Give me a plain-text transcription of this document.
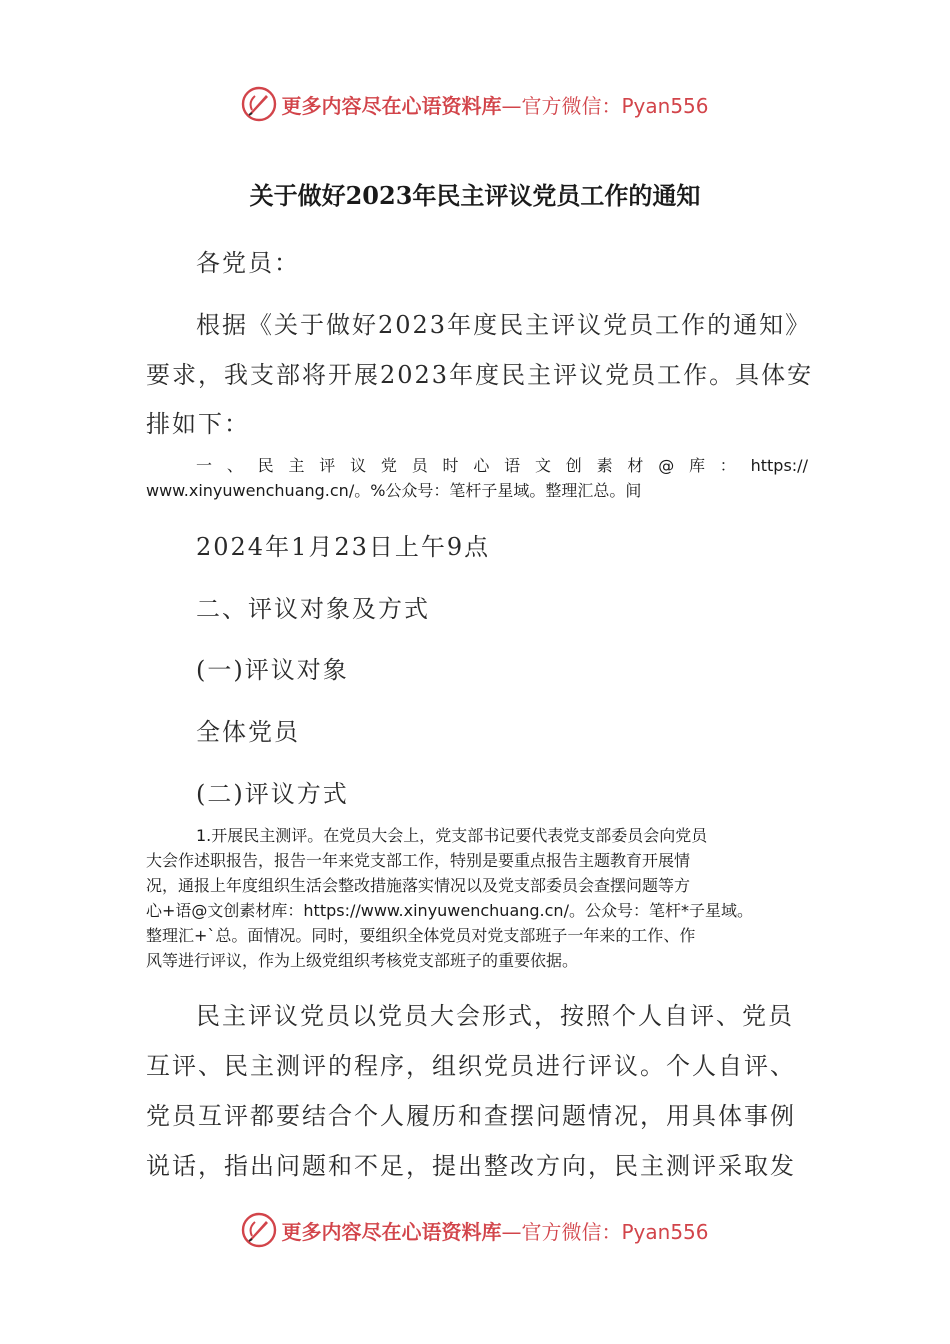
更多内容尽在心语资料库—官方微信：Pyan556
关于做好2023年民主评议党员工作的通知
各党员：
根据《关于做好2023年度民主评议党员工作的通知》
要求，我支部将开展2023年度民主评议党员工作。具体安
排如下：
一 、 民 主 评 议 党 员 时 心 语 文 创 素 材 @ 库 ： https://
www.xinyuwenchuang.cn/。%公众号：笔杆子星域。整理汇总。间
2024年1月23日上午9点
二、评议对象及方式
(一)评议对象
全体党员
(二)评议方式
1.开展民主测评。在党员大会上，党支部书记要代表党支部委员会向党员
大会作述职报告，报告一年来党支部工作，特别是要重点报告主题教育开展情
况，通报上年度组织生活会整改措施落实情况以及党支部委员会查摆问题等方
心+语@文创素材库：https://www.xinyuwenchuang.cn/。公众号：笔杆*子星域。
整理汇+`总。面情况。同时，要组织全体党员对党支部班子一年来的工作、作
风等进行评议，作为上级党组织考核党支部班子的重要依据。
民主评议党员以党员大会形式，按照个人自评、党员
互评、民主测评的程序，组织党员进行评议。个人自评、
党员互评都要结合个人履历和查摆问题情况，用具体事例
说话，指出问题和不足，提出整改方向，民主测评采取发
更多内容尽在心语资料库—官方微信：Pyan556
